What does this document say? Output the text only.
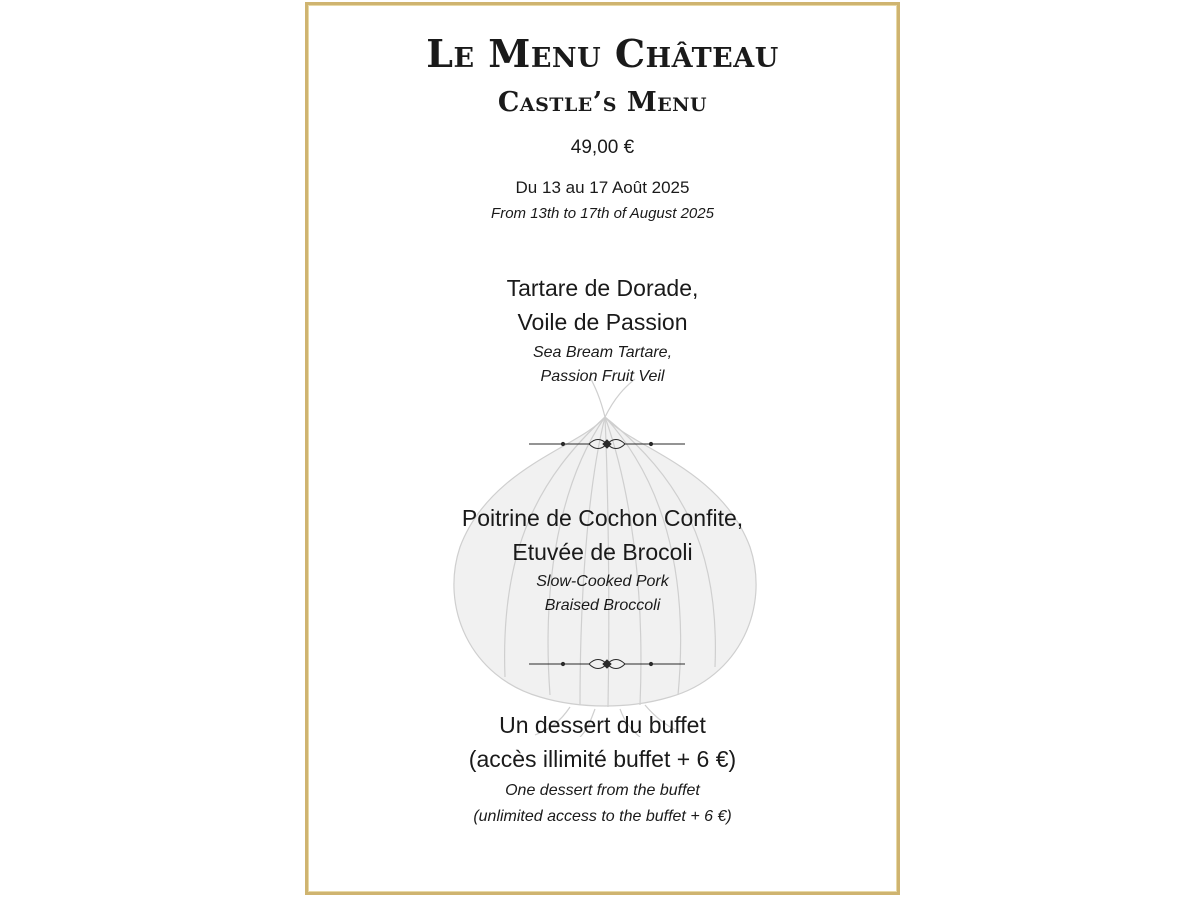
Le Menu Château
Castle’s Menu
49,00 €
Du 13 au 17 Août 2025
From 13th to 17th of August 2025
Tartare de Dorade,
Voile de Passion
Sea Bream Tartare,
Passion Fruit Veil
Poitrine de Cochon Confite,
Etuvée de Brocoli
Slow-Cooked Pork
Braised Broccoli
Un dessert du buffet
(accès illimité buffet + 6 €)
One dessert from the buffet
(unlimited access to the buffet + 6 €)
